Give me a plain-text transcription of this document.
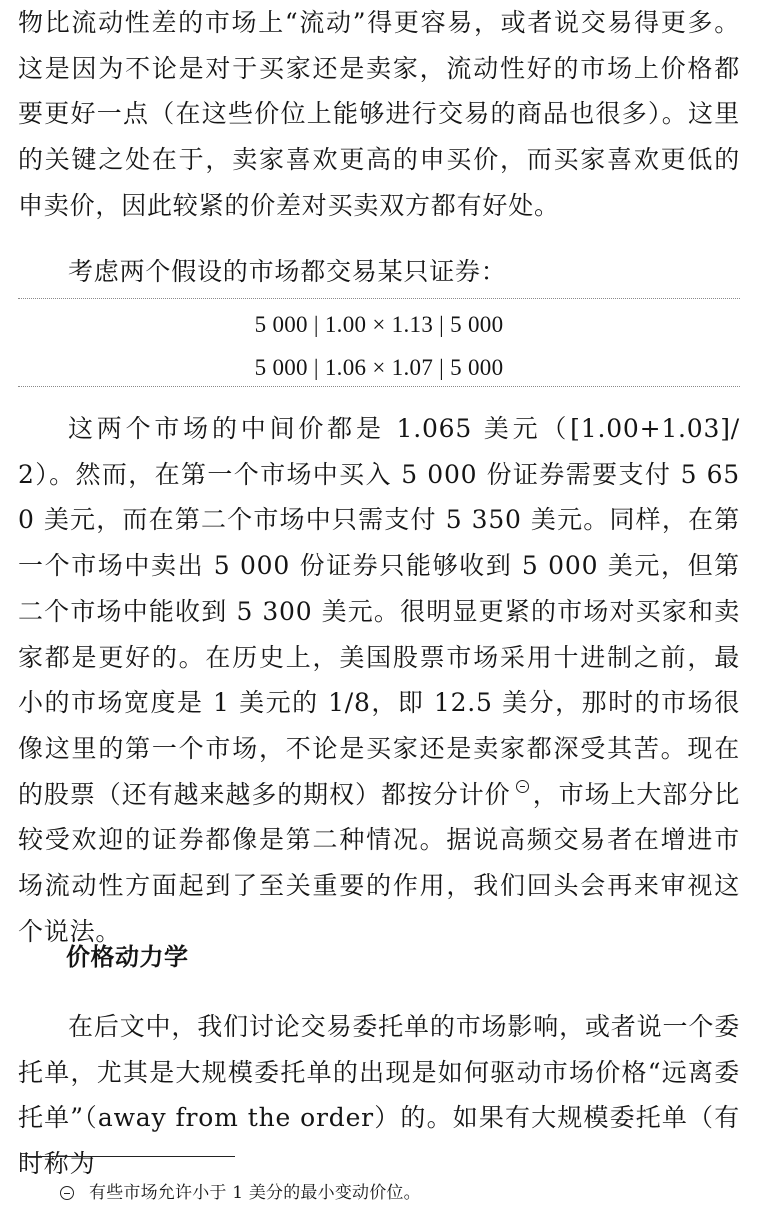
物比流动性差的市场上“流动”得更容易，或者说交易得更多。这是因为不论是对于买家还是卖家，流动性好的市场上价格都要更好一点（在这些价位上能够进行交易的商品也很多）。这里的关键之处在于，卖家喜欢更高的申买价，而买家喜欢更低的申卖价，因此较紧的价差对买卖双方都有好处。

考虑两个假设的市场都交易某只证券：

5 000 | 1.00 × 1.13 | 5 000
5 000 | 1.06 × 1.07 | 5 000

这两个市场的中间价都是 1.065 美元（[1.00+1.03]/2）。然而，在第一个市场中买入 5 000 份证券需要支付 5 650 美元，而在第二个市场中只需支付 5 350 美元。同样，在第一个市场中卖出 5 000 份证券只能够收到 5 000 美元，但第二个市场中能收到 5 300 美元。很明显更紧的市场对买家和卖家都是更好的。在历史上，美国股票市场采用十进制之前，最小的市场宽度是 1 美元的 1/8，即 12.5 美分，那时的市场很像这里的第一个市场，不论是买家还是卖家都深受其苦。现在的股票（还有越来越多的期权）都按分计价 ，市场上大部分比较受欢迎的证券都像是第二种情况。据说高频交易者在增进市场流动性方面起到了至关重要的作用，我们回头会再来审视这个说法。

价格动力学

在后文中，我们讨论交易委托单的市场影响，或者说一个委托单，尤其是大规模委托单的出现是如何驱动市场价格“远离委托单”（away from the order）的。如果有大规模委托单（有时称为

有些市场允许小于 1 美分的最小变动价位。
